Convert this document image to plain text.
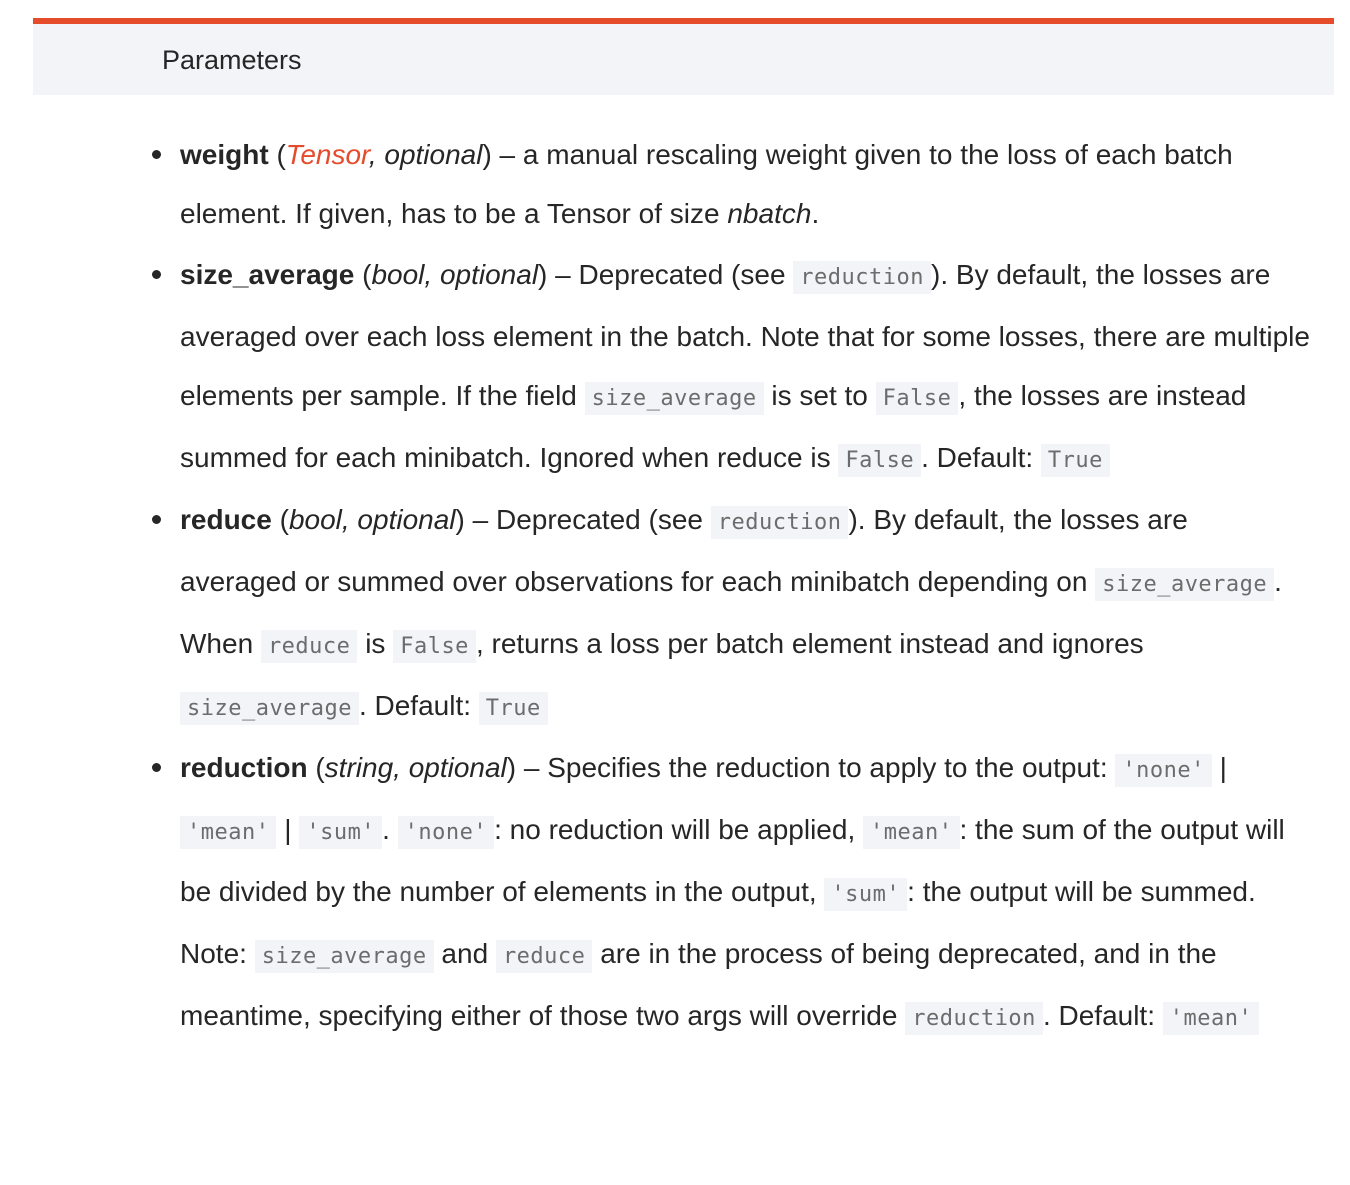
Parameters
weight (Tensor, optional) – a manual rescaling weight given to the loss of each batch element. If given, has to be a Tensor of size nbatch.
size_average (bool, optional) – Deprecated (see reduction ). By default, the losses are averaged over each loss element in the batch. Note that for some losses, there are multiple elements per sample. If the field size_average is set to False , the losses are instead summed for each minibatch. Ignored when reduce is False . Default: True
reduce (bool, optional) – Deprecated (see reduction ). By default, the losses are averaged or summed over observations for each minibatch depending on size_average . When reduce is False , returns a loss per batch element instead and ignores size_average . Default: True
reduction (string, optional) – Specifies the reduction to apply to the output: 'none' | 'mean' | 'sum' . 'none' : no reduction will be applied, 'mean' : the sum of the output will be divided by the number of elements in the output, 'sum' : the output will be summed. Note: size_average and reduce are in the process of being deprecated, and in the meantime, specifying either of those two args will override reduction . Default: 'mean'
